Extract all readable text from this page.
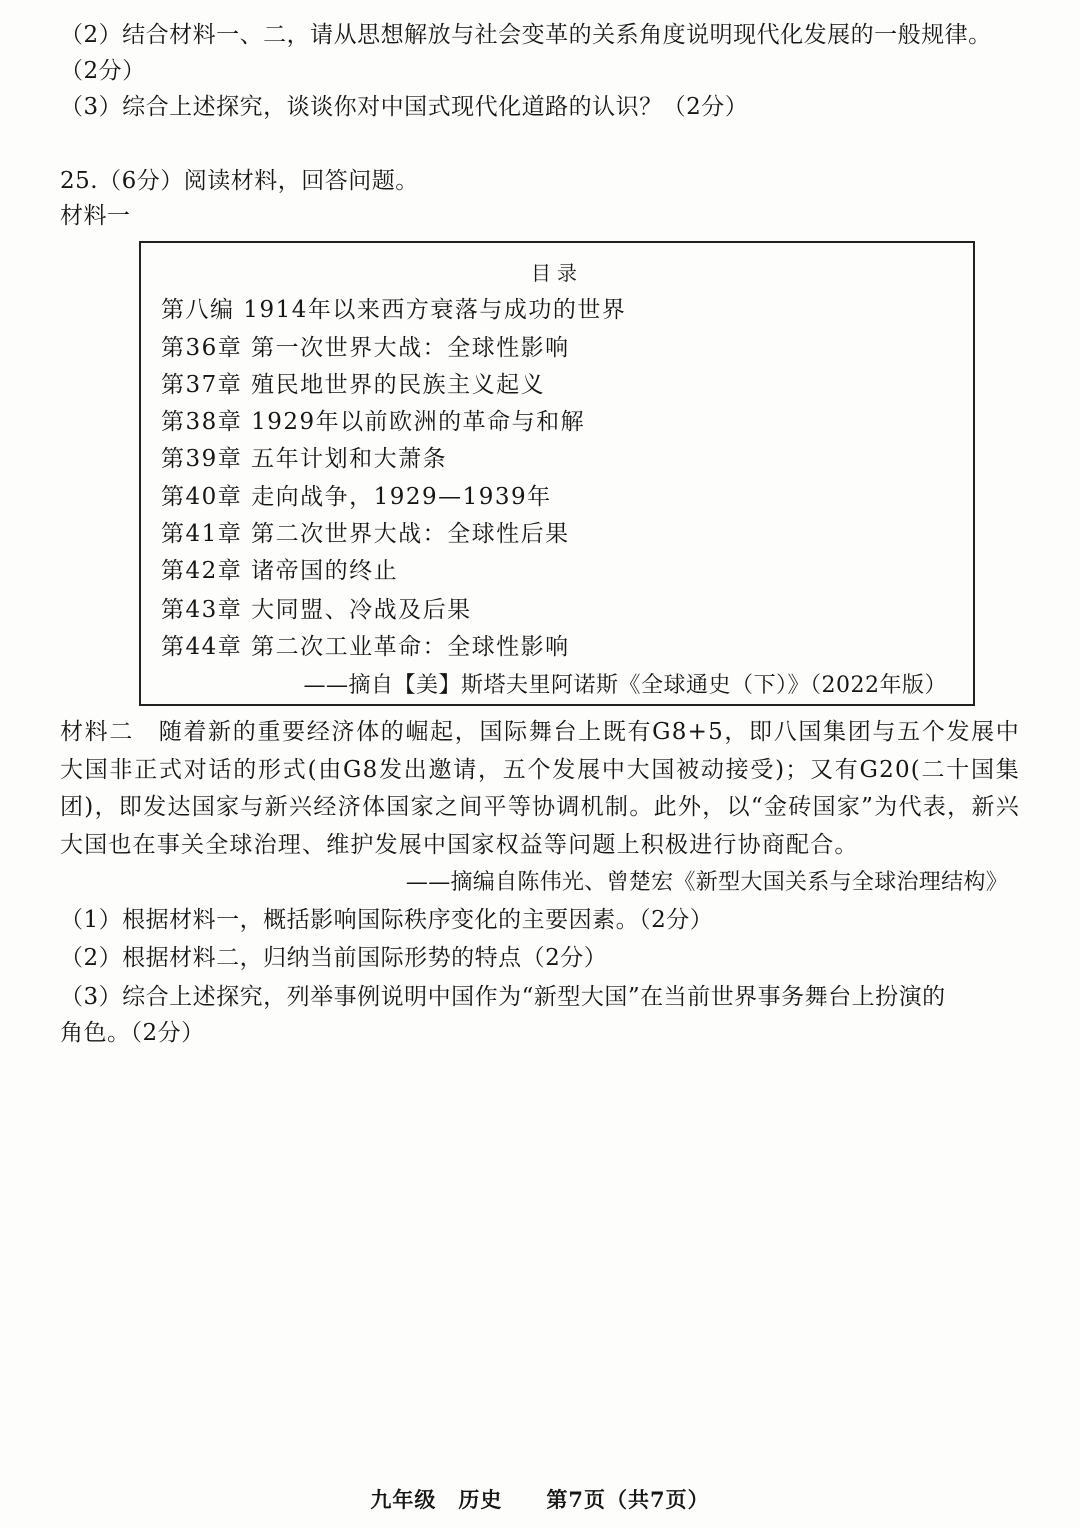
（2）结合材料一、二，请从思想解放与社会变革的关系角度说明现代化发展的一般规律。
（2分）
（3）综合上述探究，谈谈你对中国式现代化道路的认识？（2分）
25.（6分）阅读材料，回答问题。
材料一
目录
第八编 1914年以来西方衰落与成功的世界
第36章 第一次世界大战：全球性影响
第37章 殖民地世界的民族主义起义
第38章 1929年以前欧洲的革命与和解
第39章 五年计划和大萧条
第40章 走向战争，1929—1939年
第41章 第二次世界大战：全球性后果
第42章 诸帝国的终止
第43章 大同盟、冷战及后果
第44章 第二次工业革命：全球性影响
——摘自【美】斯塔夫里阿诺斯《全球通史（下）》（2022年版）
材料二　随着新的重要经济体的崛起，国际舞台上既有G8+5，即八国集团与五个发展中大国非正式对话的形式(由G8发出邀请，五个发展中大国被动接受)；又有G20(二十国集团)，即发达国家与新兴经济体国家之间平等协调机制。此外，以“金砖国家”为代表，新兴大国也在事关全球治理、维护发展中国家权益等问题上积极进行协商配合。
——摘编自陈伟光、曾楚宏《新型大国关系与全球治理结构》
（1）根据材料一，概括影响国际秩序变化的主要因素。（2分）
（2）根据材料二，归纳当前国际形势的特点（2分）
（3）综合上述探究，列举事例说明中国作为“新型大国”在当前世界事务舞台上扮演的
角色。（2分）
九年级　历史　　第7页（共7页）
